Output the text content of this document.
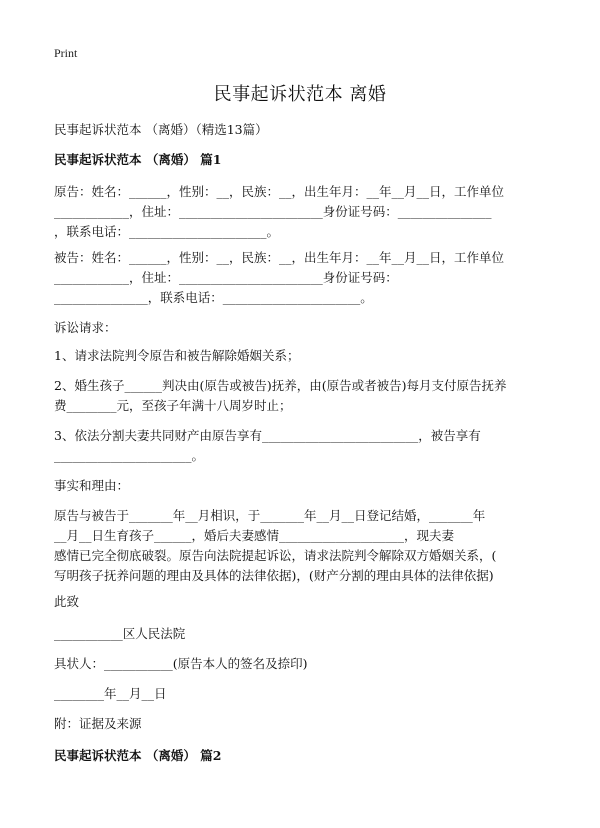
Print
民事起诉状范本 离婚
民事起诉状范本 （离婚）（精选13篇）
民事起诉状范本 （离婚） 篇1
原告：姓名：______，性别：__，民族：__，出生年月：__年__月__日，工作单位
____________，住址：_______________________身份证号码：_______________
，联系电话：______________________。
被告：姓名：______，性别：__，民族：__，出生年月：__年__月__日，工作单位
____________，住址：_______________________身份证号码：
_______________，联系电话：______________________。
诉讼请求：
1、请求法院判令原告和被告解除婚姻关系；
2、婚生孩子______判决由(原告或被告)抚养，由(原告或者被告)每月支付原告抚养
费________元，至孩子年满十八周岁时止；
3、依法分割夫妻共同财产由原告享有_________________________，被告享有
______________________。
事实和理由：
原告与被告于_______年__月相识，于_______年__月__日登记结婚，_______年
__月__日生育孩子______，婚后夫妻感情____________________，现夫妻
感情已完全彻底破裂。原告向法院提起诉讼，请求法院判令解除双方婚姻关系，(
写明孩子抚养问题的理由及具体的法律依据)，(财产分割的理由具体的法律依据)
此致
___________区人民法院
具状人：___________(原告本人的签名及捺印)
________年__月__日
附：证据及来源
民事起诉状范本 （离婚） 篇2
